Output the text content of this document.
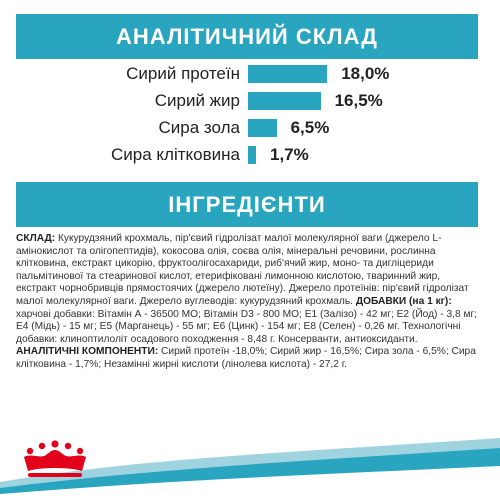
АНАЛІТИЧНИЙ СКЛАД
Сирий протеїн	18,0%
Сирий жир	16,5%
Сира зола	6,5%
Сира клітковина 1,7%
ІНГРЕДІЄНТИ
СКЛАД: Кукурудзяний крохмаль, пір'євий гідролізат малої молекулярної ваги (джерело L-амінокислот та олігопептидів), кокосова олія, соєва олія, мінеральні речовини, рослинна клітковина, екстракт цикорію, фруктоолігосахариди, риб'ячий жир, моно- та дигліцериди пальмітинової та стеаринової кислот, етерифікованi лимонною кислотою, тваринний жир, екстракт чорнобривців прямостоячих (джерело лютеїну). Джерело протеїнів: пір'євий гідролізат малої молекулярної ваги. Джерело вуглеводів: кукурудзяний крохмаль. ДОБАВКИ (на 1 кг): харчові добавки: Вітамін А - 36500 МО; Вітамін D3 - 800 МО; Е1 (Залізо) - 42 мг; Е2 (Йод) - 3,8 мг; Е4 (Мідь) - 15 мг; Е5 (Марганець) - 55 мг; Е6 (Цинк) - 154 мг; Е8 (Селен) - 0,26 мг. Технологічні добавки: клиноптилоліт осадового походження - 8,48 г. Консерванти, антиоксиданти. АНАЛІТИЧНІ КОМПОНЕНТИ: Сирий протеїн -18,0%; Сирий жир - 16,5%; Сира зола - 6,5%; Сира клітковина - 1,7%; Незамінні жирні кислоти (лінолева кислота) - 27,2 г.
